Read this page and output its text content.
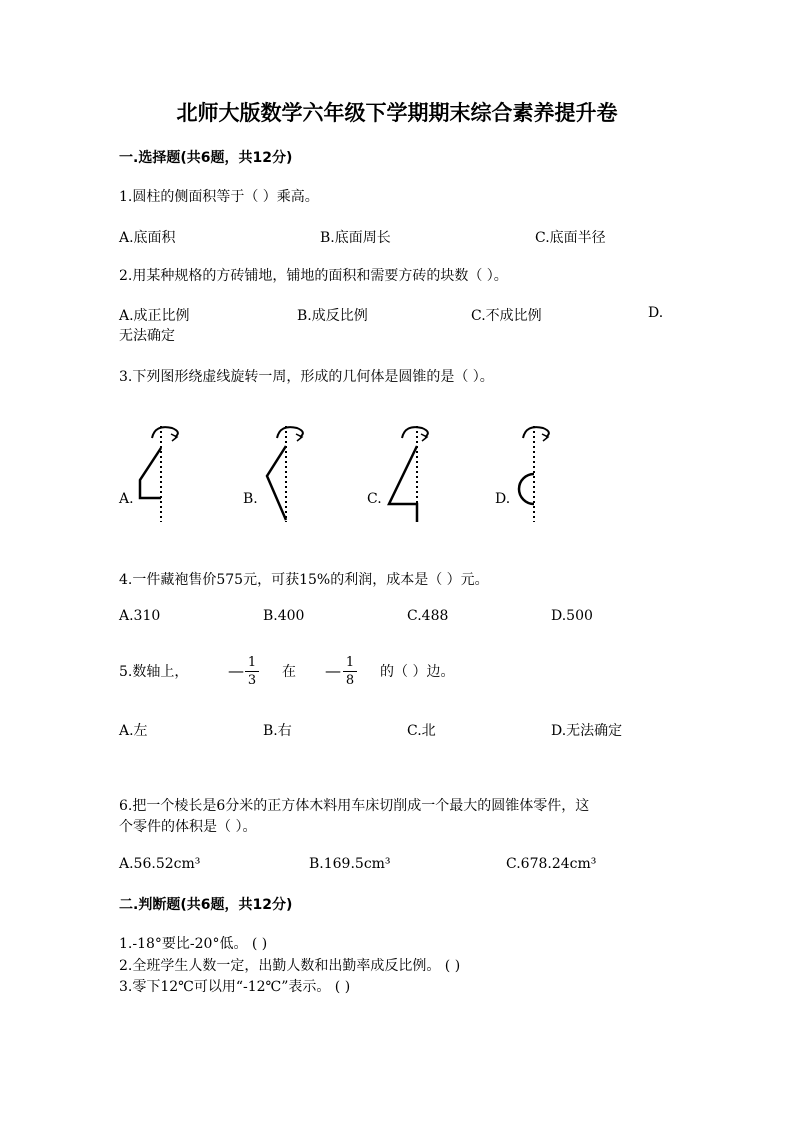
北师大版数学六年级下学期期末综合素养提升卷
一.选择题(共6题，共12分)
1.圆柱的侧面积等于（ ）乘高。
A.底面积	B.底面周长	C.底面半径
2.用某种规格的方砖铺地，铺地的面积和需要方砖的块数（ ）。
A.成正比例	B.成反比例	C.不成比例	D.
无法确定
3.下列图形绕虚线旋转一周，形成的几何体是圆锥的是（ ）。
A.	B.	C.	D.
4.一件藏袍售价575元，可获15%的利润，成本是（ ）元。
A.310	B.400	C.488	D.500
5.数轴上， — $\frac{1}{3}$ 在 — $\frac{1}{8}$ 的（ ）边。
A.左	B.右	C.北	D.无法确定
6.把一个棱长是6分米的正方体木料用车床切削成一个最大的圆锥体零件，这
个零件的体积是（ ）。
A.56.52cm³	B.169.5cm³	C.678.24cm³
二.判断题(共6题，共12分)
1.-18°要比-20°低。 ( )
2.全班学生人数一定，出勤人数和出勤率成反比例。 ( )
3.零下12℃可以用“-12℃”表示。 ( )
